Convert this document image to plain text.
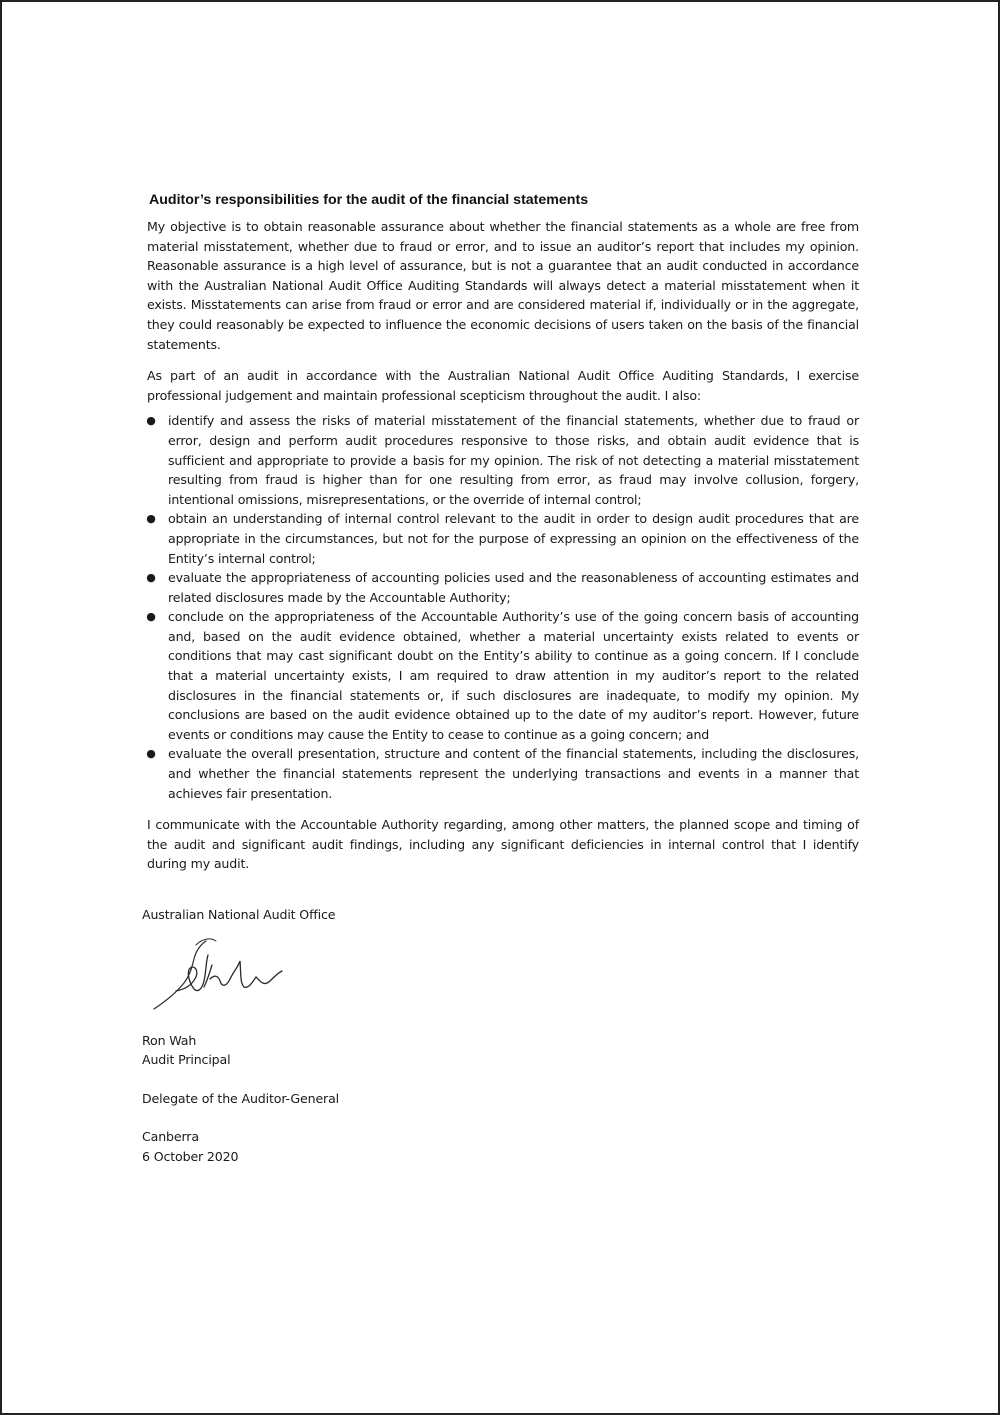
Auditor’s responsibilities for the audit of the financial statements

My objective is to obtain reasonable assurance about whether the financial statements as a whole are free from material misstatement, whether due to fraud or error, and to issue an auditor’s report that includes my opinion. Reasonable assurance is a high level of assurance, but is not a guarantee that an audit conducted in accordance with the Australian National Audit Office Auditing Standards will always detect a material misstatement when it exists. Misstatements can arise from fraud or error and are considered material if, individually or in the aggregate, they could reasonably be expected to influence the economic decisions of users taken on the basis of the financial statements.

As part of an audit in accordance with the Australian National Audit Office Auditing Standards, I exercise professional judgement and maintain professional scepticism throughout the audit. I also:

● identify and assess the risks of material misstatement of the financial statements, whether due to fraud or error, design and perform audit procedures responsive to those risks, and obtain audit evidence that is sufficient and appropriate to provide a basis for my opinion. The risk of not detecting a material misstatement resulting from fraud is higher than for one resulting from error, as fraud may involve collusion, forgery, intentional omissions, misrepresentations, or the override of internal control;
● obtain an understanding of internal control relevant to the audit in order to design audit procedures that are appropriate in the circumstances, but not for the purpose of expressing an opinion on the effectiveness of the Entity’s internal control;
● evaluate the appropriateness of accounting policies used and the reasonableness of accounting estimates and related disclosures made by the Accountable Authority;
● conclude on the appropriateness of the Accountable Authority’s use of the going concern basis of accounting and, based on the audit evidence obtained, whether a material uncertainty exists related to events or conditions that may cast significant doubt on the Entity’s ability to continue as a going concern. If I conclude that a material uncertainty exists, I am required to draw attention in my auditor’s report to the related disclosures in the financial statements or, if such disclosures are inadequate, to modify my opinion. My conclusions are based on the audit evidence obtained up to the date of my auditor’s report. However, future events or conditions may cause the Entity to cease to continue as a going concern; and
● evaluate the overall presentation, structure and content of the financial statements, including the disclosures, and whether the financial statements represent the underlying transactions and events in a manner that achieves fair presentation.

I communicate with the Accountable Authority regarding, among other matters, the planned scope and timing of the audit and significant audit findings, including any significant deficiencies in internal control that I identify during my audit.

Australian National Audit Office
Ron Wah
Audit Principal
Delegate of the Auditor-General
Canberra
6 October 2020
